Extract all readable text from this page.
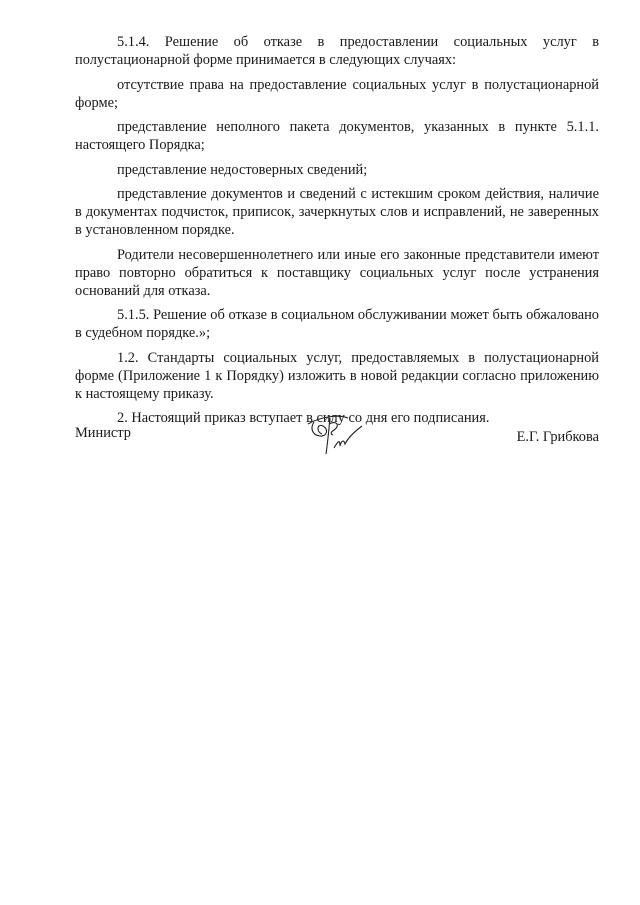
5.1.4. Решение об отказе в предоставлении социальных услуг в полустационарной форме принимается в следующих случаях:

отсутствие права на предоставление социальных услуг в полустационарной форме;

представление неполного пакета документов, указанных в пункте 5.1.1. настоящего Порядка;

представление недостоверных сведений;

представление документов и сведений с истекшим сроком действия, наличие в документах подчисток, приписок, зачеркнутых слов и исправлений, не заверенных в установленном порядке.

Родители несовершеннолетнего или иные его законные представители имеют право повторно обратиться к поставщику социальных услуг после устранения оснований для отказа.

5.1.5. Решение об отказе в социальном обслуживании может быть обжаловано в судебном порядке.»;

1.2. Стандарты социальных услуг, предоставляемых в полустационарной форме (Приложение 1 к Порядку) изложить в новой редакции согласно приложению к настоящему приказу.

2. Настоящий приказ вступает в силу со дня его подписания.

Министр	Е.Г. Грибкова
